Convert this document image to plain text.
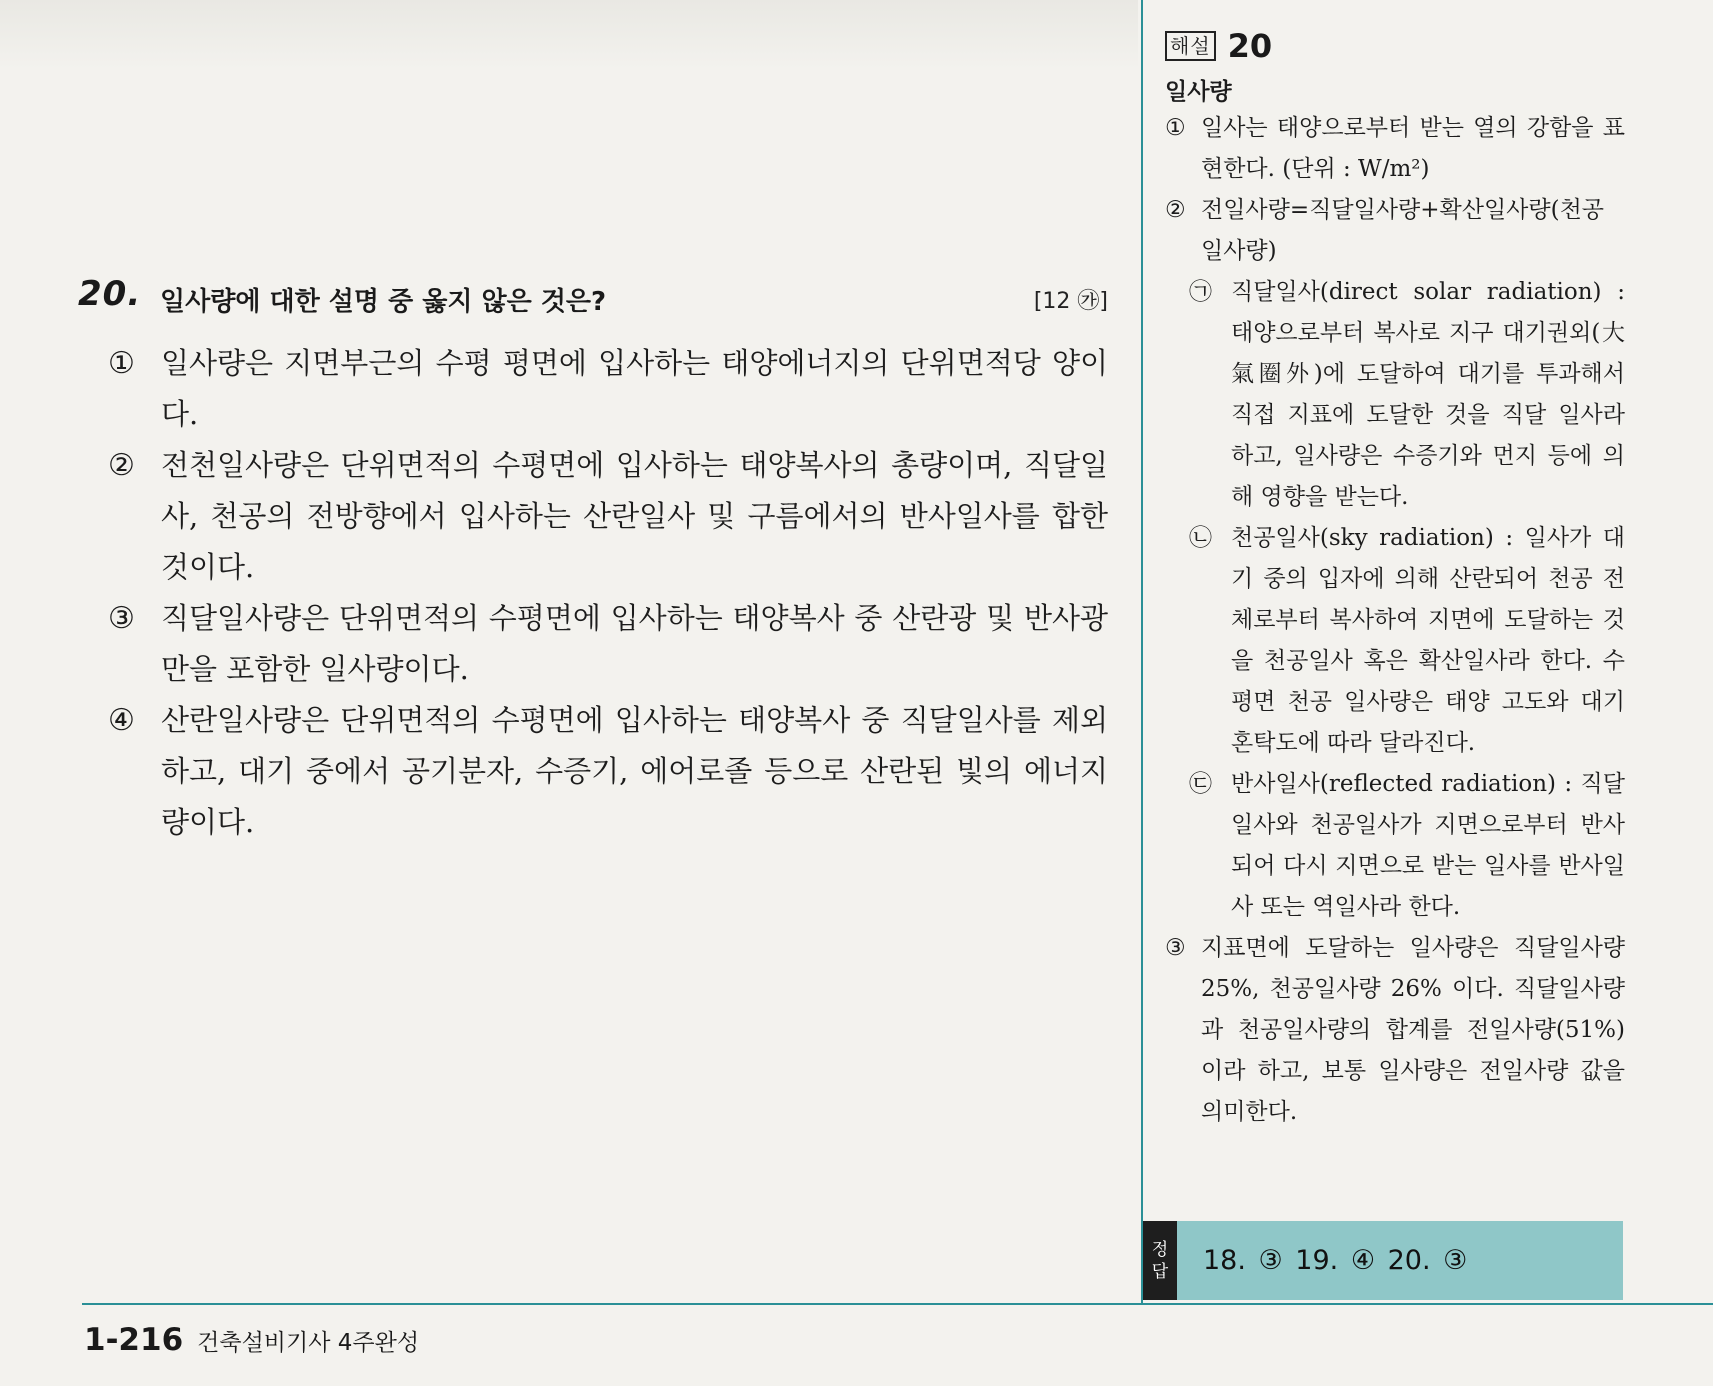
20. 일사량에 대한 설명 중 옳지 않은 것은?	[12 ㉮]
① 일사량은 지면부근의 수평 평면에 입사하는 태양에너지의 단위면적당 양이다.
② 전천일사량은 단위면적의 수평면에 입사하는 태양복사의 총량이며, 직달일사, 천공의 전방향에서 입사하는 산란일사 및 구름에서의 반사일사를 합한 것이다.
③ 직달일사량은 단위면적의 수평면에 입사하는 태양복사 중 산란광 및 반사광만을 포함한 일사량이다.
④ 산란일사량은 단위면적의 수평면에 입사하는 태양복사 중 직달일사를 제외하고, 대기 중에서 공기분자, 수증기, 에어로졸 등으로 산란된 빛의 에너지량이다.
해설 20
일사량
① 일사는 태양으로부터 받는 열의 강함을 표현한다. (단위 : W/m²)
② 전일사량=직달일사량+확산일사량(천공일사량)
㉠ 직달일사(direct solar radiation) : 태양으로부터 복사로 지구 대기권외(大氣圈外)에 도달하여 대기를 투과해서 직접 지표에 도달한 것을 직달 일사라 하고, 일사량은 수증기와 먼지 등에 의해 영향을 받는다.
㉡ 천공일사(sky radiation) : 일사가 대기 중의 입자에 의해 산란되어 천공 전체로부터 복사하여 지면에 도달하는 것을 천공일사 혹은 확산일사라 한다. 수평면 천공 일사량은 태양 고도와 대기 혼탁도에 따라 달라진다.
㉢ 반사일사(reflected radiation) : 직달일사와 천공일사가 지면으로부터 반사되어 다시 지면으로 받는 일사를 반사일사 또는 역일사라 한다.
③ 지표면에 도달하는 일사량은 직달일사량 25%, 천공일사량 26% 이다. 직달일사량과 천공일사량의 합계를 전일사량(51%)이라 하고, 보통 일사량은 전일사량 값을 의미한다.
정
답 18. ③ 19. ④ 20. ③
1-216 건축설비기사 4주완성
